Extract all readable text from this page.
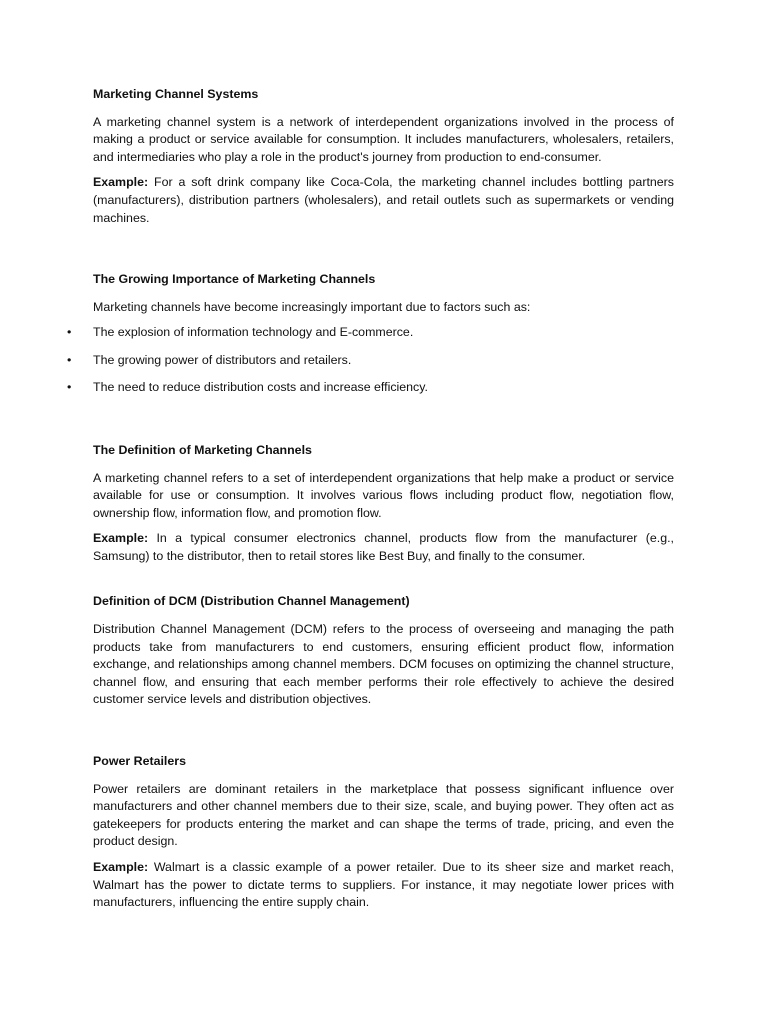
Marketing Channel Systems

A marketing channel system is a network of interdependent organizations involved in the process of making a product or service available for consumption. It includes manufacturers, wholesalers, retailers, and intermediaries who play a role in the product's journey from production to end-consumer.

Example: For a soft drink company like Coca-Cola, the marketing channel includes bottling partners (manufacturers), distribution partners (wholesalers), and retail outlets such as supermarkets or vending machines.

The Growing Importance of Marketing Channels

Marketing channels have become increasingly important due to factors such as:

• The explosion of information technology and E-commerce.
• The growing power of distributors and retailers.
• The need to reduce distribution costs and increase efficiency.
The Definition of Marketing Channels

A marketing channel refers to a set of interdependent organizations that help make a product or service available for use or consumption. It involves various flows including product flow, negotiation flow, ownership flow, information flow, and promotion flow.

Example: In a typical consumer electronics channel, products flow from the manufacturer (e.g., Samsung) to the distributor, then to retail stores like Best Buy, and finally to the consumer.

Definition of DCM (Distribution Channel Management)

Distribution Channel Management (DCM) refers to the process of overseeing and managing the path products take from manufacturers to end customers, ensuring efficient product flow, information exchange, and relationships among channel members. DCM focuses on optimizing the channel structure, channel flow, and ensuring that each member performs their role effectively to achieve the desired customer service levels and distribution objectives.

Power Retailers

Power retailers are dominant retailers in the marketplace that possess significant influence over manufacturers and other channel members due to their size, scale, and buying power. They often act as gatekeepers for products entering the market and can shape the terms of trade, pricing, and even the product design.

Example: Walmart is a classic example of a power retailer. Due to its sheer size and market reach, Walmart has the power to dictate terms to suppliers. For instance, it may negotiate lower prices with manufacturers, influencing the entire supply chain.
